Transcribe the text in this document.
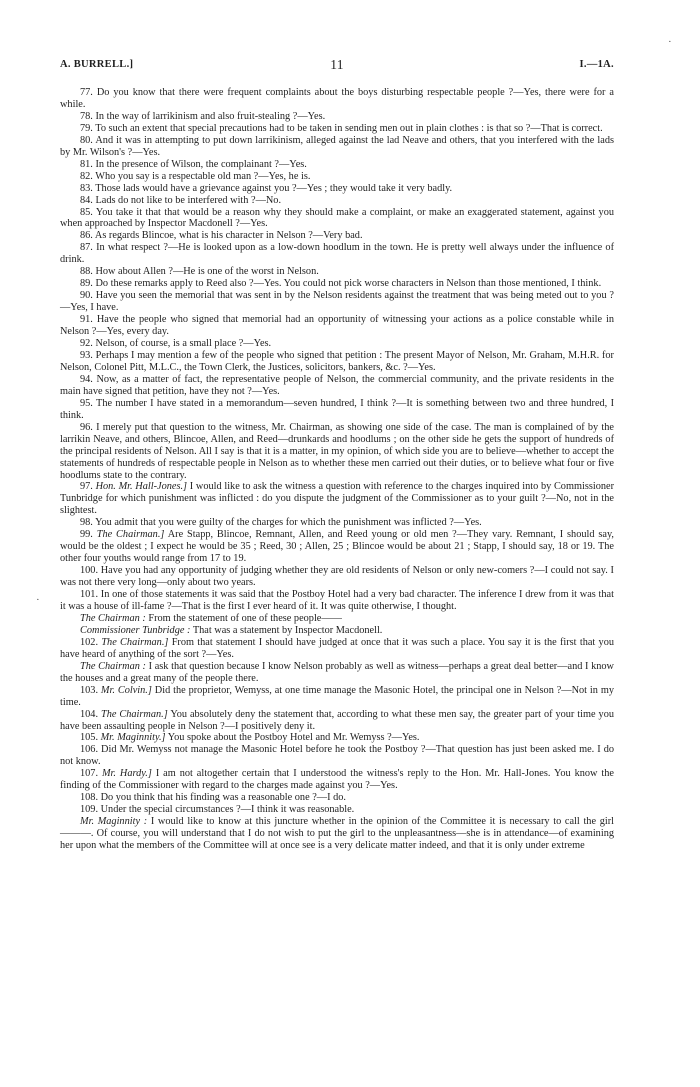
A. BURRELL.]	11	I.—1A.

77. Do you know that there were frequent complaints about the boys disturbing respectable people ?—Yes, there were for a while.

78. In the way of larrikinism and also fruit-stealing ?—Yes.

79. To such an extent that special precautions had to be taken in sending men out in plain clothes : is that so ?—That is correct.

80. And it was in attempting to put down larrikinism, alleged against the lad Neave and others, that you interfered with the lads by Mr. Wilson's ?—Yes.

81. In the presence of Wilson, the complainant ?—Yes.

82. Who you say is a respectable old man ?—Yes, he is.

83. Those lads would have a grievance against you ?—Yes ; they would take it very badly.

84. Lads do not like to be interfered with ?—No.

85. You take it that that would be a reason why they should make a complaint, or make an exaggerated statement, against you when approached by Inspector Macdonell ?—Yes.

86. As regards Blincoe, what is his character in Nelson ?—Very bad.

87. In what respect ?—He is looked upon as a low-down hoodlum in the town. He is pretty well always under the influence of drink.

88. How about Allen ?—He is one of the worst in Nelson.

89. Do these remarks apply to Reed also ?—Yes. You could not pick worse characters in Nelson than those mentioned, I think.

90. Have you seen the memorial that was sent in by the Nelson residents against the treatment that was being meted out to you ?—Yes, I have.

91. Have the people who signed that memorial had an opportunity of witnessing your actions as a police constable while in Nelson ?—Yes, every day.

92. Nelson, of course, is a small place ?—Yes.

93. Perhaps I may mention a few of the people who signed that petition : The present Mayor of Nelson, Mr. Graham, M.H.R. for Nelson, Colonel Pitt, M.L.C., the Town Clerk, the Justices, solicitors, bankers, &c. ?—Yes.

94. Now, as a matter of fact, the representative people of Nelson, the commercial community, and the private residents in the main have signed that petition, have they not ?—Yes.

95. The number I have stated in a memorandum—seven hundred, I think ?—It is something between two and three hundred, I think.

96. I merely put that question to the witness, Mr. Chairman, as showing one side of the case. The man is complained of by the larrikin Neave, and others, Blincoe, Allen, and Reed—drunkards and hoodlums ; on the other side he gets the support of hundreds of the principal residents of Nelson. All I say is that it is a matter, in my opinion, of which side you are to believe—whether to accept the statements of hundreds of respectable people in Nelson as to whether these men carried out their duties, or to believe what four or five hoodlums state to the contrary.

97. Hon. Mr. Hall-Jones.] I would like to ask the witness a question with reference to the charges inquired into by Commissioner Tunbridge for which punishment was inflicted : do you dispute the judgment of the Commissioner as to your guilt ?—No, not in the slightest.

98. You admit that you were guilty of the charges for which the punishment was inflicted ?—Yes.

99. The Chairman.] Are Stapp, Blincoe, Remnant, Allen, and Reed young or old men ?—They vary. Remnant, I should say, would be the oldest ; I expect he would be 35 ; Reed, 30 ; Allen, 25 ; Blincoe would be about 21 ; Stapp, I should say, 18 or 19. The other four youths would range from 17 to 19.

100. Have you had any opportunity of judging whether they are old residents of Nelson or only new-comers ?—I could not say. I was not there very long—only about two years.

101. In one of those statements it was said that the Postboy Hotel had a very bad character. The inference I drew from it was that it was a house of ill-fame ?—That is the first I ever heard of it. It was quite otherwise, I thought.

The Chairman : From the statement of one of these people——

Commissioner Tunbridge : That was a statement by Inspector Macdonell.

102. The Chairman.] From that statement I should have judged at once that it was such a place. You say it is the first that you have heard of anything of the sort ?—Yes.

The Chairman : I ask that question because I know Nelson probably as well as witness—perhaps a great deal better—and I know the houses and a great many of the people there.

103. Mr. Colvin.] Did the proprietor, Wemyss, at one time manage the Masonic Hotel, the principal one in Nelson ?—Not in my time.

104. The Chairman.] You absolutely deny the statement that, according to what these men say, the greater part of your time you have been assaulting people in Nelson ?—I positively deny it.

105. Mr. Maginnity.] You spoke about the Postboy Hotel and Mr. Wemyss ?—Yes.

106. Did Mr. Wemyss not manage the Masonic Hotel before he took the Postboy ?—That question has just been asked me. I do not know.

107. Mr. Hardy.] I am not altogether certain that I understood the witness's reply to the Hon. Mr. Hall-Jones. You know the finding of the Commissioner with regard to the charges made against you ?—Yes.

108. Do you think that his finding was a reasonable one ?—I do.

109. Under the special circumstances ?—I think it was reasonable.

Mr. Maginnity : I would like to know at this juncture whether in the opinion of the Committee it is necessary to call the girl———. Of course, you will understand that I do not wish to put the girl to the unpleasantness—she is in attendance—of examining her upon what the members of the Committee will at once see is a very delicate matter indeed, and that it is only under extreme

·
·
